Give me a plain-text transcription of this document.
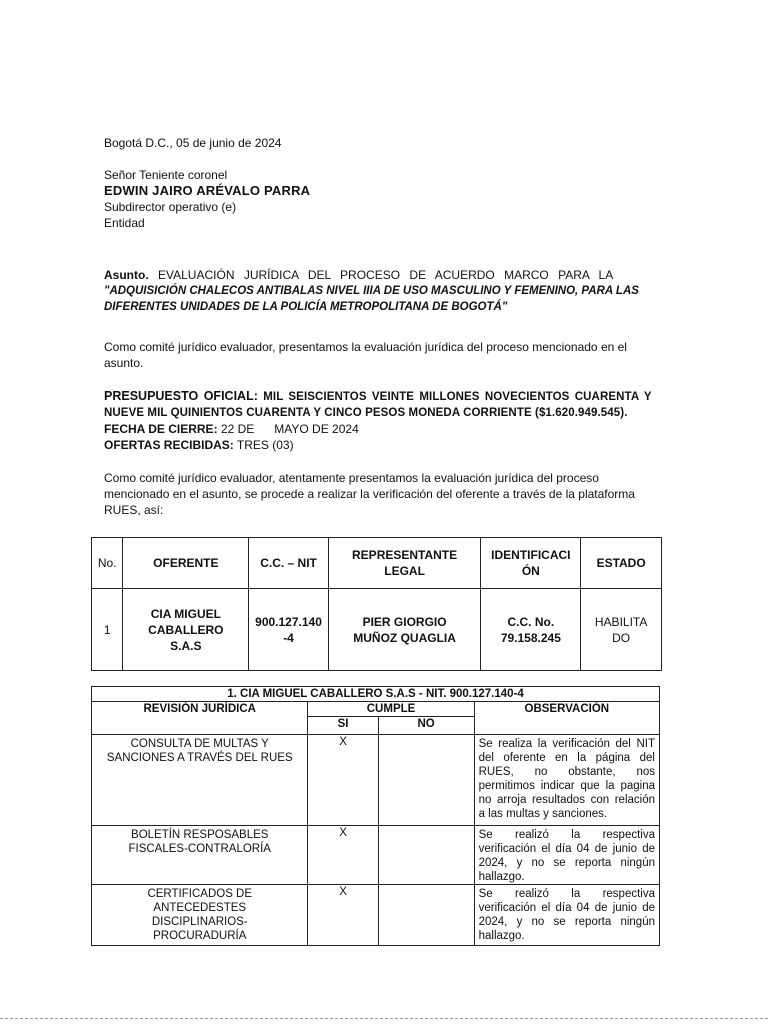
Bogotá D.C., 05 de junio de 2024
Señor Teniente coronel
EDWIN JAIRO ARÉVALO PARRA
Subdirector operativo (e)
Entidad
Asunto. EVALUACIÓN JURÍDICA DEL PROCESO DE ACUERDO MARCO PARA LA
"ADQUISICIÓN CHALECOS ANTIBALAS NIVEL IIIA DE USO MASCULINO Y FEMENINO, PARA LAS
DIFERENTES UNIDADES DE LA POLICÍA METROPOLITANA DE BOGOTÁ"
Como comité jurídico evaluador, presentamos la evaluación jurídica del proceso mencionado en el
asunto.
PRESUPUESTO OFICIAL: MIL SEISCIENTOS VEINTE MILLONES NOVECIENTOS CUARENTA Y
NUEVE MIL QUINIENTOS CUARENTA Y CINCO PESOS MONEDA CORRIENTE ($1.620.949.545).
FECHA DE CIERRE: 22 DE      MAYO DE 2024
OFERTAS RECIBIDAS: TRES (03)
Como comité jurídico evaluador, atentamente presentamos la evaluación jurídica del proceso
mencionado en el asunto, se procede a realizar la verificación del oferente a través de la plataforma
RUES, así:
No.	OFERENTE	C.C. – NIT	REPRESENTANTE LEGAL	IDENTIFICACIÓN	ESTADO
1	CIA MIGUEL CABALLERO S.A.S	900.127.140-4	PIER GIORGIO MUÑOZ QUAGLIA	C.C. No. 79.158.245	HABILITADO
1. CIA MIGUEL CABALLERO S.A.S - NIT. 900.127.140-4			
REVISIÓN JURÍDICA	CUMPLE		OBSERVACIÓN
	SI	NO	
CONSULTA DE MULTAS Y SANCIONES A TRAVÉS DEL RUES	X		Se realiza la verificación del NIT del oferente en la página del RUES, no obstante, nos permitimos indicar que la pagina no arroja resultados con relación a las multas y sanciones.
BOLETÍN RESPOSABLES FISCALES-CONTRALORÍA	X		Se realizó la respectiva verificación el día 04 de junio de 2024, y no se reporta ningún hallazgo.
CERTIFICADOS DE ANTECEDESTES DISCIPLINARIOS-PROCURADURÍA	X		Se realizó la respectiva verificación el día 04 de junio de 2024, y no se reporta ningún hallazgo.
